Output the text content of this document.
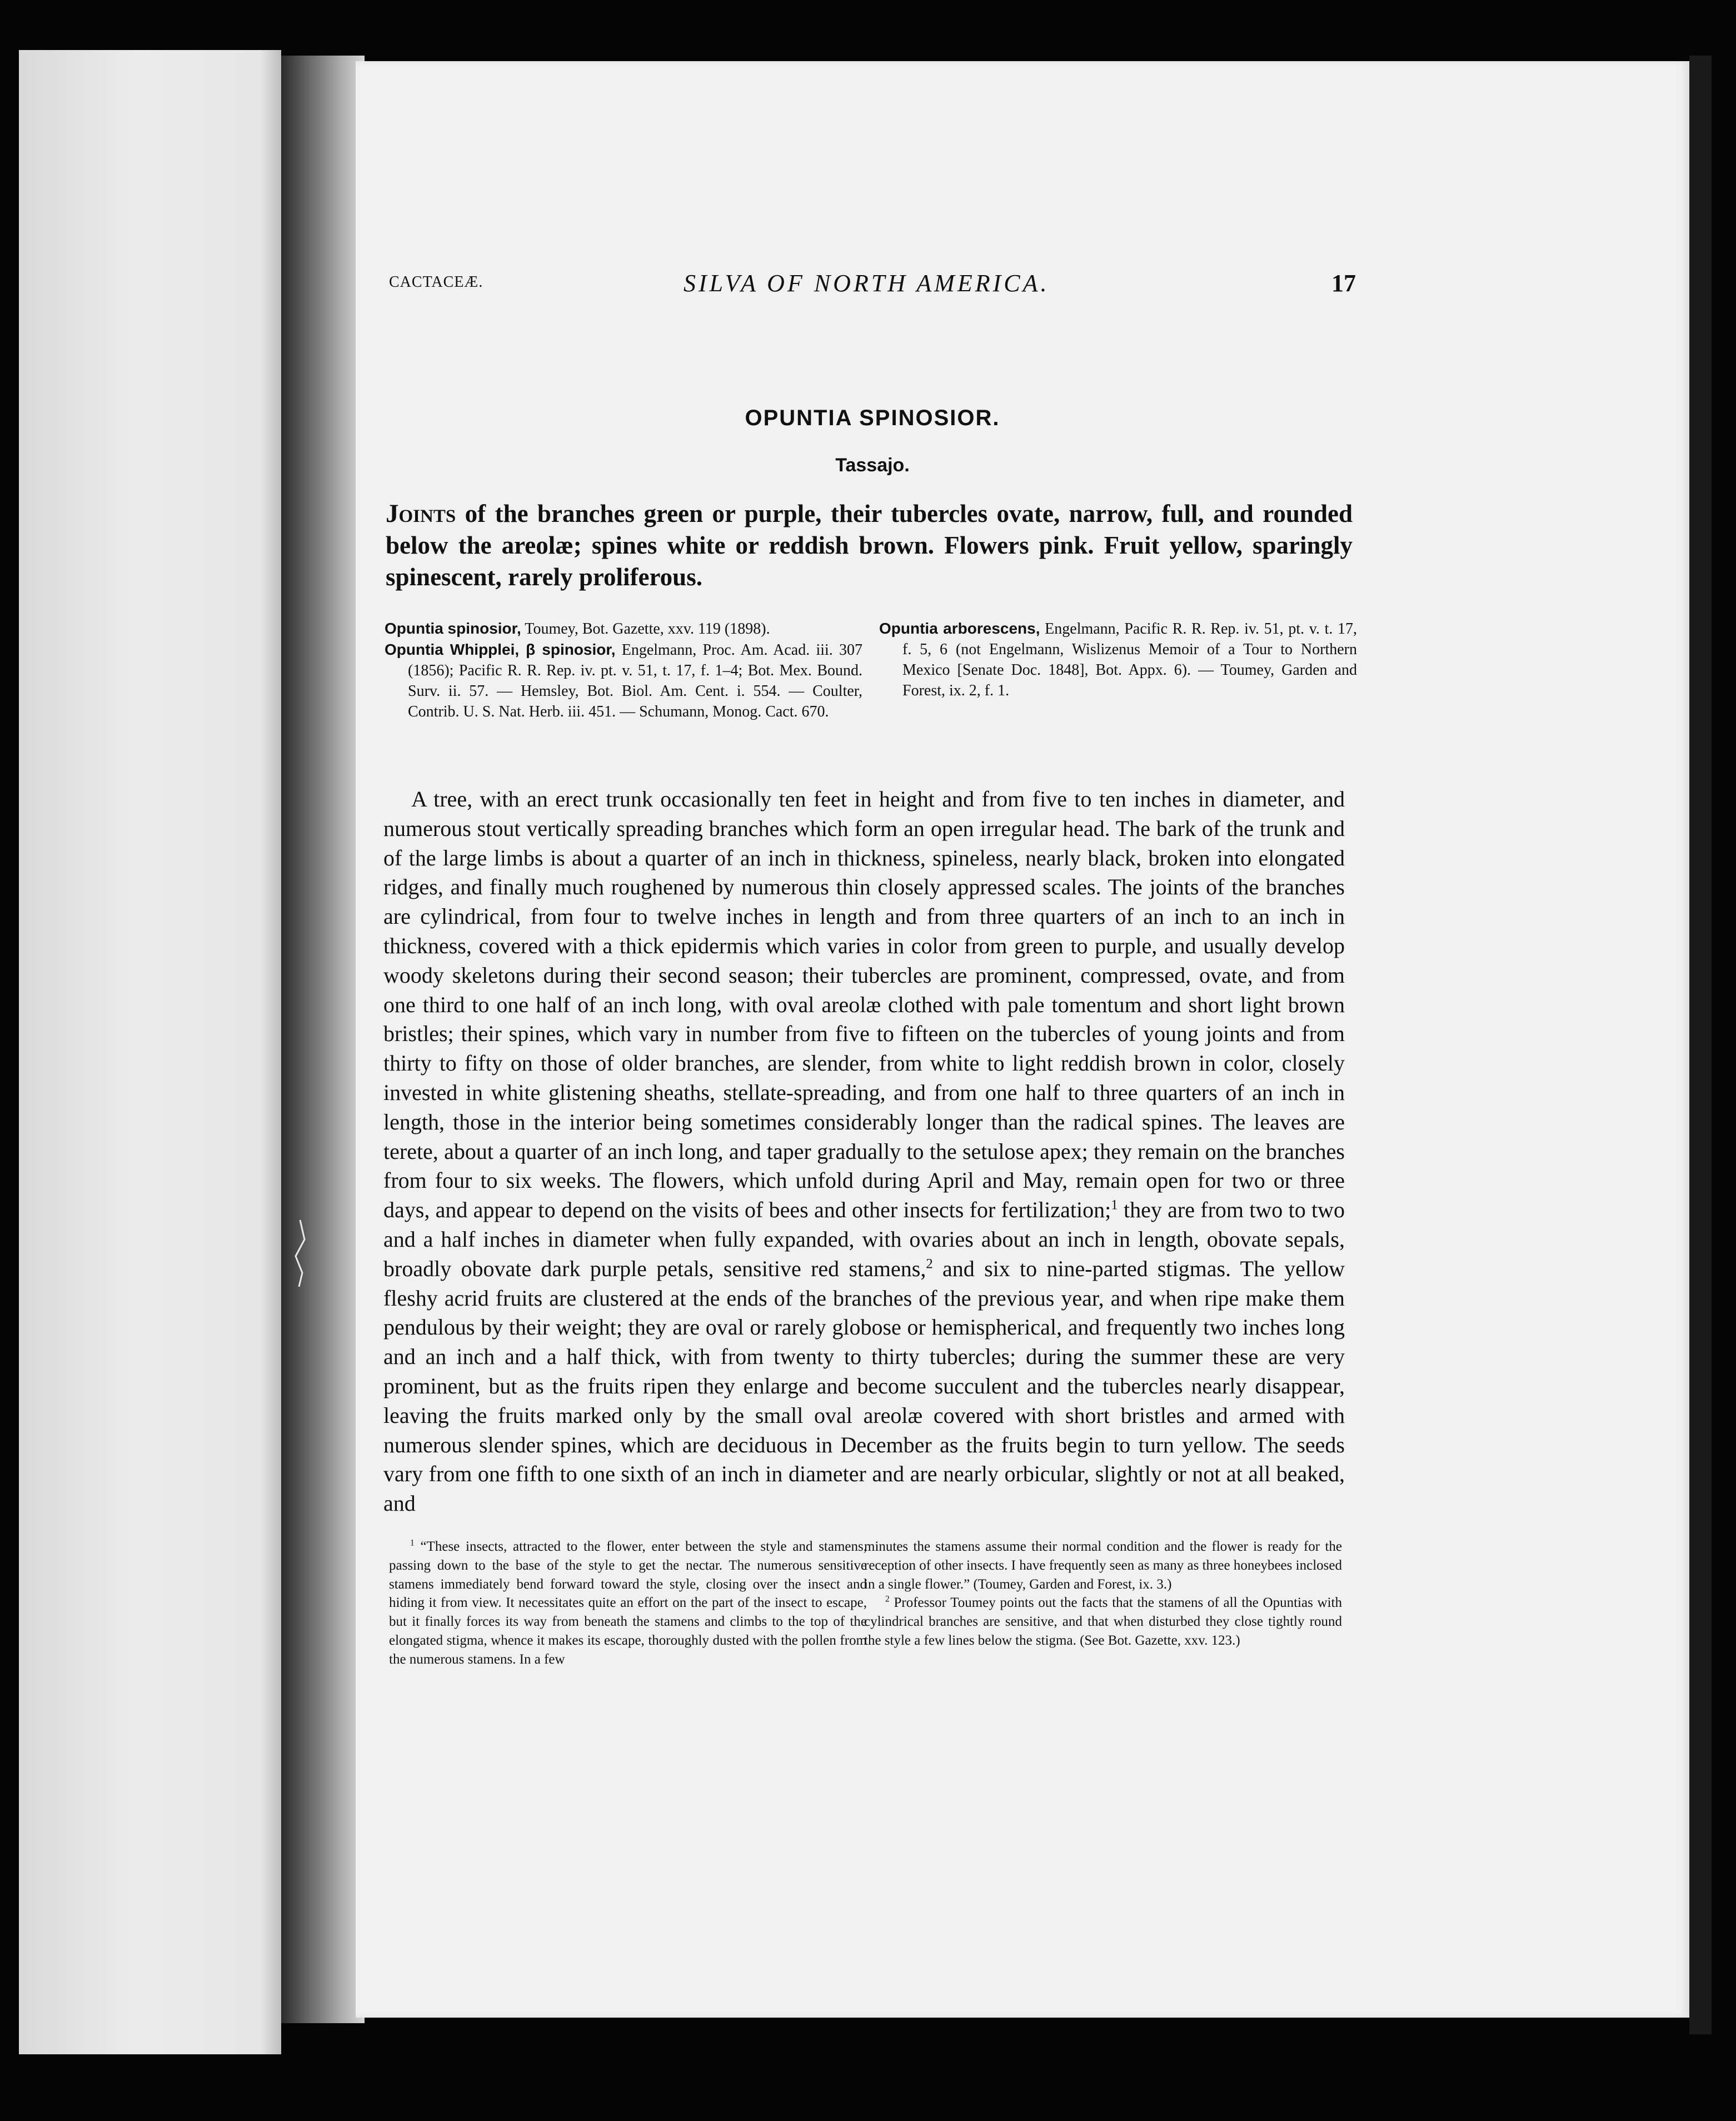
CACTACEÆ.	SILVA OF NORTH AMERICA.	17
OPUNTIA SPINOSIOR.
Tassajo.
Joints of the branches green or purple, their tubercles ovate, narrow, full, and rounded below the areolæ; spines white or reddish brown. Flowers pink. Fruit yellow, sparingly spinescent, rarely proliferous.

Opuntia spinosior, Toumey, Bot. Gazette, xxv. 119 (1898).

Opuntia Whipplei, β spinosior, Engelmann, Proc. Am. Acad. iii. 307 (1856); Pacific R. R. Rep. iv. pt. v. 51, t. 17, f. 1–4; Bot. Mex. Bound. Surv. ii. 57. — Hemsley, Bot. Biol. Am. Cent. i. 554. — Coulter, Contrib. U. S. Nat. Herb. iii. 451. — Schumann, Monog. Cact. 670.

Opuntia arborescens, Engelmann, Pacific R. R. Rep. iv. 51, pt. v. t. 17, f. 5, 6 (not Engelmann, Wislizenus Memoir of a Tour to Northern Mexico [Senate Doc. 1848], Bot. Appx. 6). — Toumey, Garden and Forest, ix. 2, f. 1.

A tree, with an erect trunk occasionally ten feet in height and from five to ten inches in diameter, and numerous stout vertically spreading branches which form an open irregular head. The bark of the trunk and of the large limbs is about a quarter of an inch in thickness, spineless, nearly black, broken into elongated ridges, and finally much roughened by numerous thin closely appressed scales. The joints of the branches are cylindrical, from four to twelve inches in length and from three quarters of an inch to an inch in thickness, covered with a thick epidermis which varies in color from green to purple, and usually develop woody skeletons during their second season; their tubercles are prominent, compressed, ovate, and from one third to one half of an inch long, with oval areolæ clothed with pale tomentum and short light brown bristles; their spines, which vary in number from five to fifteen on the tubercles of young joints and from thirty to fifty on those of older branches, are slender, from white to light reddish brown in color, closely invested in white glistening sheaths, stellate-spreading, and from one half to three quarters of an inch in length, those in the interior being sometimes considerably longer than the radical spines. The leaves are terete, about a quarter of an inch long, and taper gradually to the setulose apex; they remain on the branches from four to six weeks. The flowers, which unfold during April and May, remain open for two or three days, and appear to depend on the visits of bees and other insects for fertilization;$^1$ they are from two to two and a half inches in diameter when fully expanded, with ovaries about an inch in length, obovate sepals, broadly obovate dark purple petals, sensitive red stamens,$^2$ and six to nine-parted stigmas. The yellow fleshy acrid fruits are clustered at the ends of the branches of the previous year, and when ripe make them pendulous by their weight; they are oval or rarely globose or hemispherical, and frequently two inches long and an inch and a half thick, with from twenty to thirty tubercles; during the summer these are very prominent, but as the fruits ripen they enlarge and become succulent and the tubercles nearly disappear, leaving the fruits marked only by the small oval areolæ covered with short bristles and armed with numerous slender spines, which are deciduous in December as the fruits begin to turn yellow. The seeds vary from one fifth to one sixth of an inch in diameter and are nearly orbicular, slightly or not at all beaked, and
$^1$ “These insects, attracted to the flower, enter between the style and stamens, passing down to the base of the style to get the nectar. The numerous sensitive stamens immediately bend forward toward the style, closing over the insect and hiding it from view. It necessitates quite an effort on the part of the insect to escape, but it finally forces its way from beneath the stamens and climbs to the top of the elongated stigma, whence it makes its escape, thoroughly dusted with the pollen from the numerous stamens. In a few

minutes the stamens assume their normal condition and the flower is ready for the reception of other insects. I have frequently seen as many as three honeybees inclosed in a single flower.” (Toumey, Garden and Forest, ix. 3.)

$^2$ Professor Toumey points out the facts that the stamens of all the Opuntias with cylindrical branches are sensitive, and that when disturbed they close tightly round the style a few lines below the stigma. (See Bot. Gazette, xxv. 123.)
